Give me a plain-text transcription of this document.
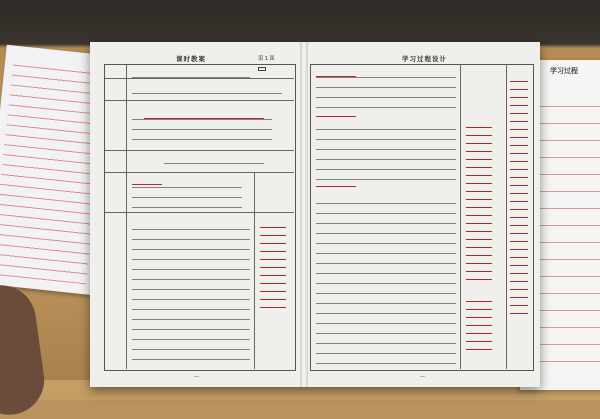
学习过程
课时教案	第1课
—
学习过程设计
—
